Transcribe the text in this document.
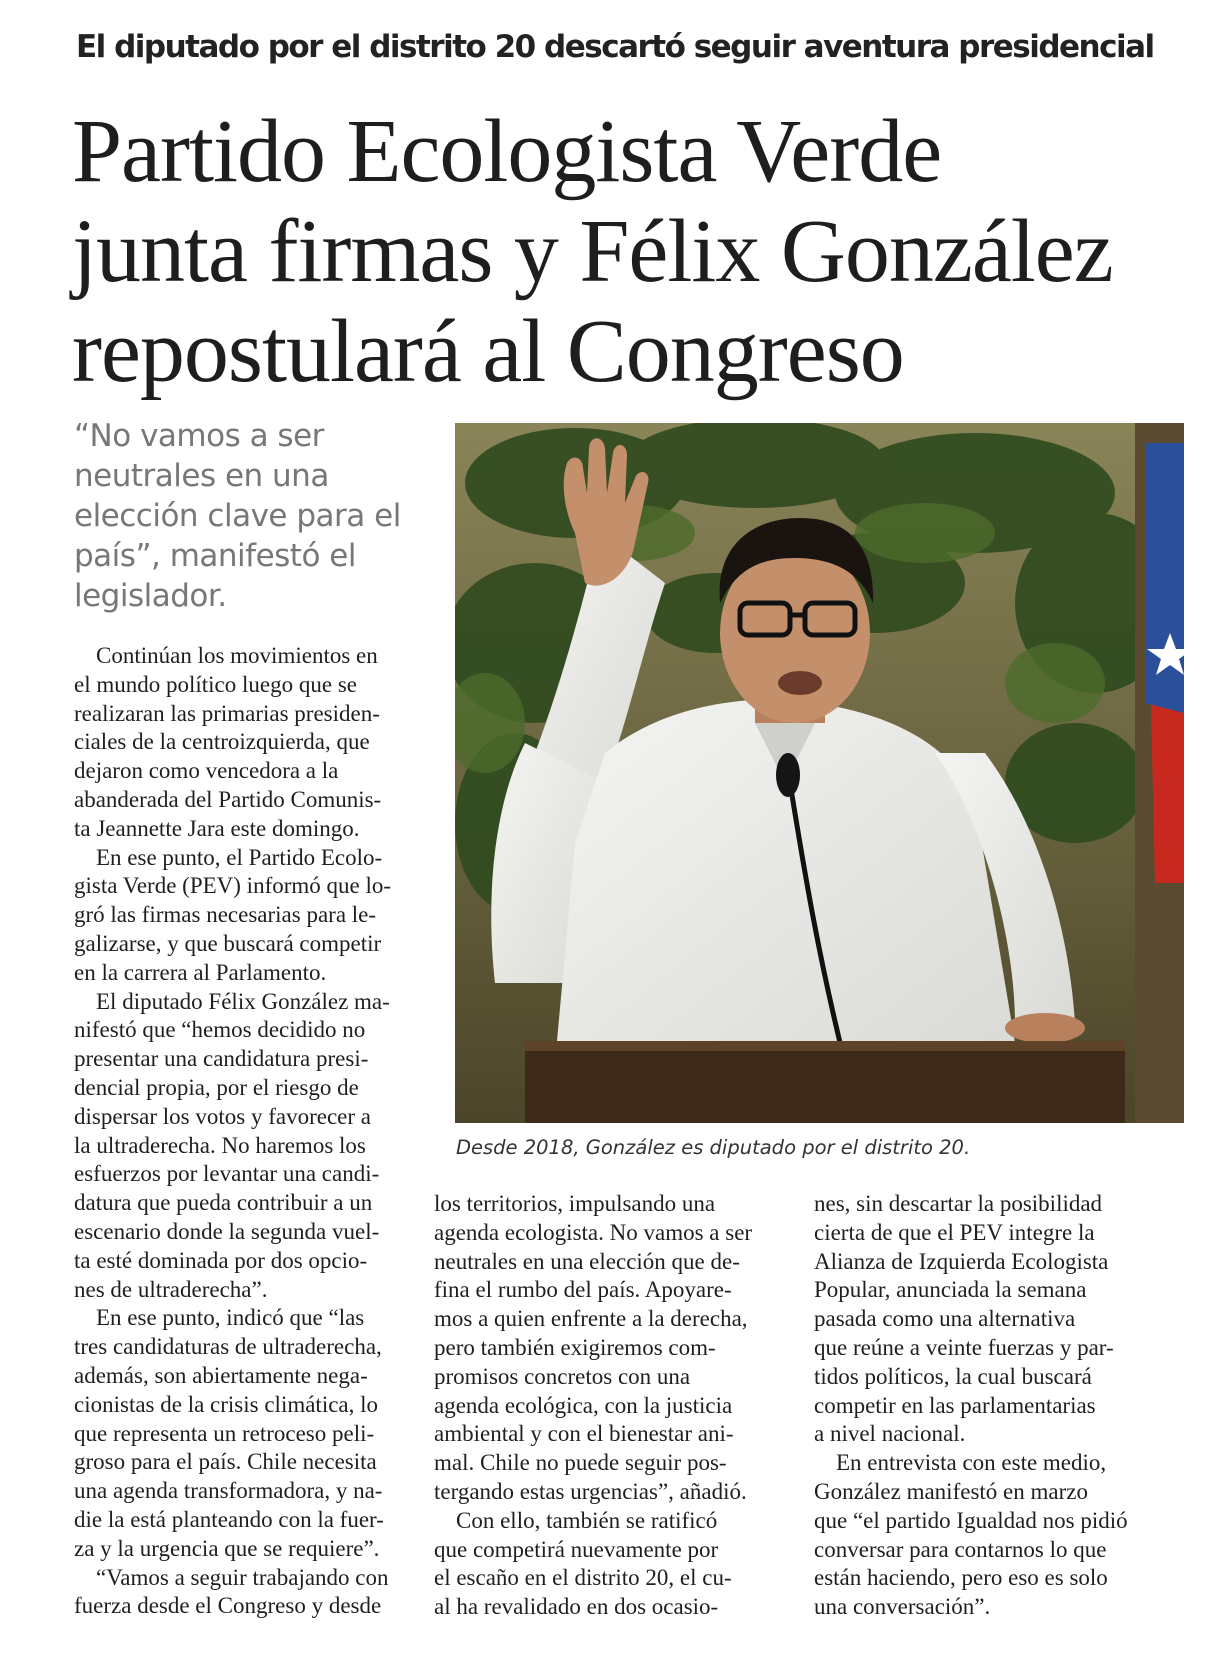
El diputado por el distrito 20 descartó seguir aventura presidencial
Partido Ecologista Verde
junta firmas y Félix González
repostulará al Congreso
“No vamos a ser
neutrales en una
elección clave para el
país”, manifestó el
legislador.
Desde 2018, González es diputado por el distrito 20.
Continúan los movimientos en
el mundo político luego que se
realizaran las primarias presiden-
ciales de la centroizquierda, que
dejaron como vencedora a la
abanderada del Partido Comunis-
ta Jeannette Jara este domingo.
En ese punto, el Partido Ecolo-
gista Verde (PEV) informó que lo-
gró las firmas necesarias para le-
galizarse, y que buscará competir
en la carrera al Parlamento.
El diputado Félix González ma-
nifestó que “hemos decidido no
presentar una candidatura presi-
dencial propia, por el riesgo de
dispersar los votos y favorecer a
la ultraderecha. No haremos los
esfuerzos por levantar una candi-
datura que pueda contribuir a un
escenario donde la segunda vuel-
ta esté dominada por dos opcio-
nes de ultraderecha”.
En ese punto, indicó que “las
tres candidaturas de ultraderecha,
además, son abiertamente nega-
cionistas de la crisis climática, lo
que representa un retroceso peli-
groso para el país. Chile necesita
una agenda transformadora, y na-
die la está planteando con la fuer-
za y la urgencia que se requiere”.
“Vamos a seguir trabajando con
fuerza desde el Congreso y desde
los territorios, impulsando una
agenda ecologista. No vamos a ser
neutrales en una elección que de-
fina el rumbo del país. Apoyare-
mos a quien enfrente a la derecha,
pero también exigiremos com-
promisos concretos con una
agenda ecológica, con la justicia
ambiental y con el bienestar ani-
mal. Chile no puede seguir pos-
tergando estas urgencias”, añadió.
Con ello, también se ratificó
que competirá nuevamente por
el escaño en el distrito 20, el cu-
al ha revalidado en dos ocasio-
nes, sin descartar la posibilidad
cierta de que el PEV integre la
Alianza de Izquierda Ecologista
Popular, anunciada la semana
pasada como una alternativa
que reúne a veinte fuerzas y par-
tidos políticos, la cual buscará
competir en las parlamentarias
a nivel nacional.
En entrevista con este medio,
González manifestó en marzo
que “el partido Igualdad nos pidió
conversar para contarnos lo que
están haciendo, pero eso es solo
una conversación”.
